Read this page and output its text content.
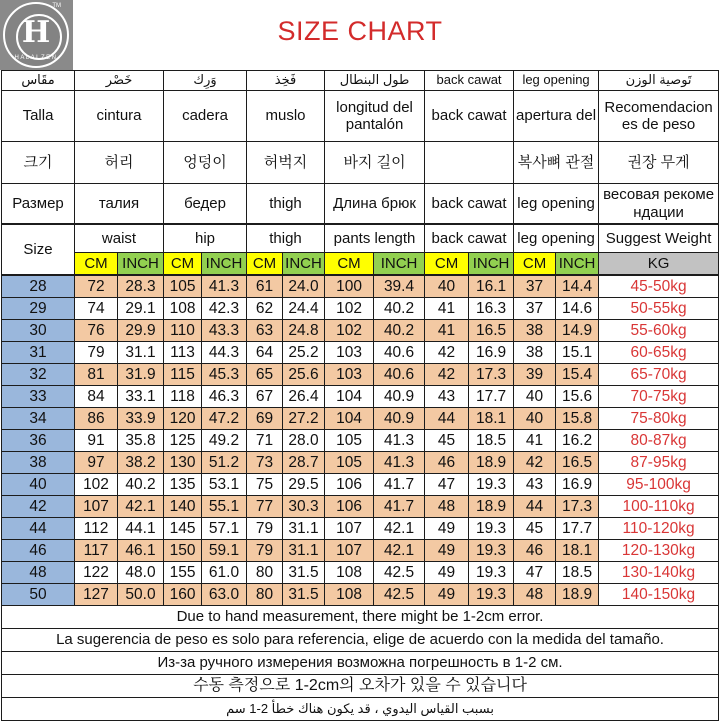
SIZE CHART
H
HALALZEN
TM
مقَاس	خَصْر		وَرِك		فَخِذ		طول البنطال		back cawat		leg opening		تَوصية الوزن
Talla	cintura		cadera		muslo		longitud del pantalón		back cawat		apertura del		Recomendacion es de peso
크기	허리		엉덩이		허벅지		바지 길이				복사뼈 관절		권장 무게
Размер	талия		бедер		thigh		Длина брюк		back cawat		leg opening		весовая рекоме ндации
Size	waist		hip		thigh		pants length		back cawat		leg opening		Suggest Weight
	CM	INCH	CM	INCH	CM	INCH	CM	INCH	CM	INCH	CM	INCH	KG
28	72	28.3	105	41.3	61	24.0	100	39.4	40	16.1	37	14.4	45-50kg
29	74	29.1	108	42.3	62	24.4	102	40.2	41	16.3	37	14.6	50-55kg
30	76	29.9	110	43.3	63	24.8	102	40.2	41	16.5	38	14.9	55-60kg
31	79	31.1	113	44.3	64	25.2	103	40.6	42	16.9	38	15.1	60-65kg
32	81	31.9	115	45.3	65	25.6	103	40.6	42	17.3	39	15.4	65-70kg
33	84	33.1	118	46.3	67	26.4	104	40.9	43	17.7	40	15.6	70-75kg
34	86	33.9	120	47.2	69	27.2	104	40.9	44	18.1	40	15.8	75-80kg
36	91	35.8	125	49.2	71	28.0	105	41.3	45	18.5	41	16.2	80-87kg
38	97	38.2	130	51.2	73	28.7	105	41.3	46	18.9	42	16.5	87-95kg
40	102	40.2	135	53.1	75	29.5	106	41.7	47	19.3	43	16.9	95-100kg
42	107	42.1	140	55.1	77	30.3	106	41.7	48	18.9	44	17.3	100-110kg
44	112	44.1	145	57.1	79	31.1	107	42.1	49	19.3	45	17.7	110-120kg
46	117	46.1	150	59.1	79	31.1	107	42.1	49	19.3	46	18.1	120-130kg
48	122	48.0	155	61.0	80	31.5	108	42.5	49	19.3	47	18.5	130-140kg
50	127	50.0	160	63.0	80	31.5	108	42.5	49	19.3	48	18.9	140-150kg
Due to hand measurement, there might be 1-2cm error.													
La sugerencia de peso es solo para referencia, elige de acuerdo con la medida del tamaño.													
Из-за ручного измерения возможна погрешность в 1-2 см.													
수동 측정으로 1-2cm의 오차가 있을 수 있습니다													
بسبب القياس اليدوي ، قد يكون هناك خطأ 2-1 سم													
